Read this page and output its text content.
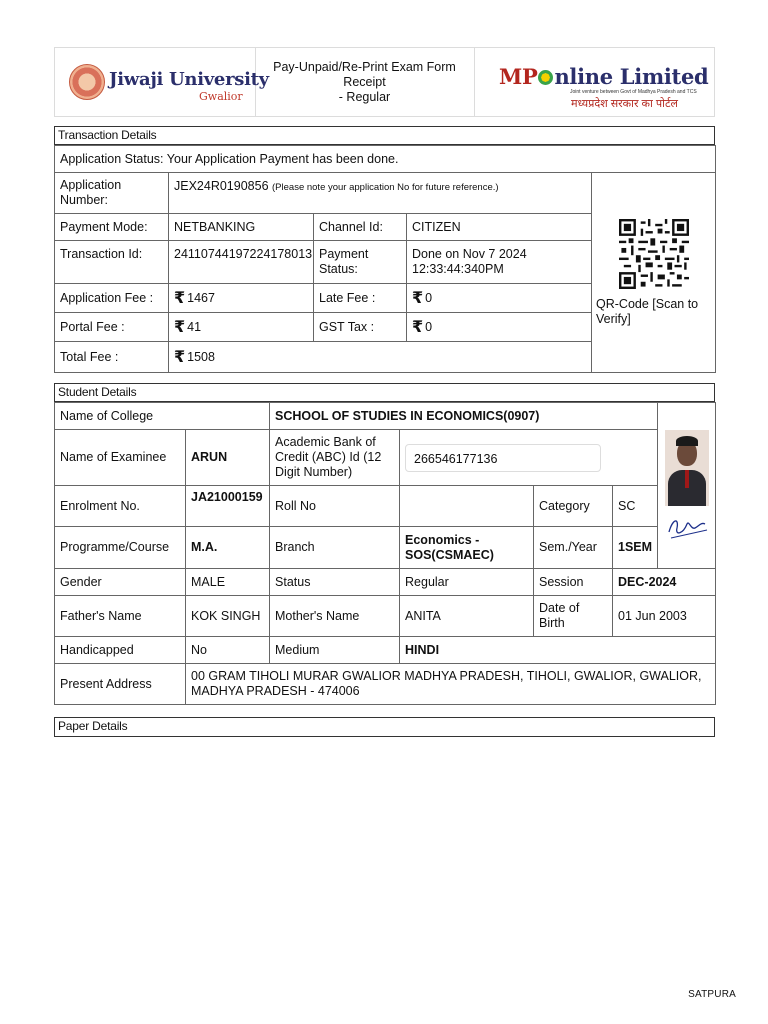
Jiwaji University
Gwalior
Pay-Unpaid/Re-Print Exam Form
Receipt
- Regular
MP nline Limited
Joint venture between Govt of Madhya Pradesh and TCS
मध्यप्रदेश सरकार का पोर्टल
Transaction Details
Application Status: Your Application Payment has been done.				
Application Number:	JEX24R0190856 (Please note your application No for future reference.)			QR-Code [Scan to Verify]

Payment Mode:	NETBANKING	Channel Id:	CITIZEN	
Transaction Id:	24110744197224178013	Payment Status:	Done on Nov 7 2024
12:33:44:340PM	

Application Fee :	₹ 1467	Late Fee :	₹ 0	
Portal Fee :	₹ 41	GST Tax :	₹ 0	
Total Fee :	₹ 1508			
Student Details
Name of College		SCHOOL OF STUDIES IN ECONOMICS(0907)	

Name of Examinee	ARUN	Academic Bank of Credit (ABC) Id (12 Digit Number)	266546177136			

Enrolment No.	JA21000159	Roll No		Category	SC	
Programme/Course	M.A.	Branch	Economics - SOS(CSMAEC)	Sem./Year	1SEM	
Gender	MALE	Status	Regular	Session	DEC-2024	
Father's Name	KOK SINGH	Mother's Name	ANITA	Date of Birth	01 Jun 2003	
Handicapped	No	Medium	HINDI			
Present Address	00 GRAM TIHOLI MURAR GWALIOR MADHYA PRADESH, TIHOLI, GWALIOR, GWALIOR, MADHYA PRADESH - 474006					
Paper Details
SATPURA
